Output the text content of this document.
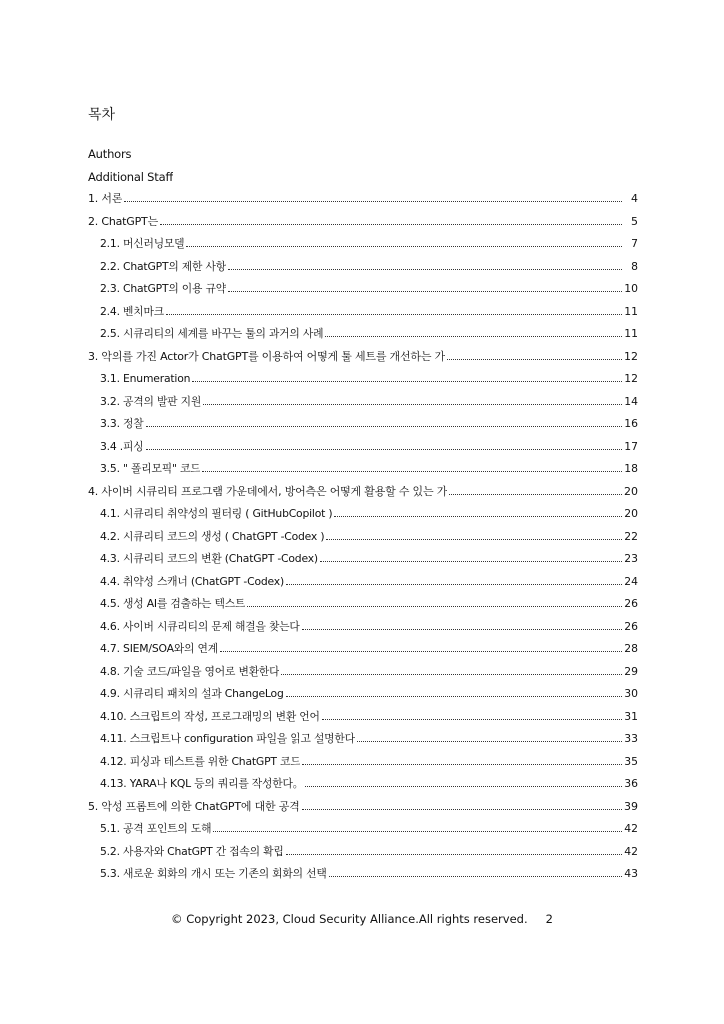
목차
Authors
Additional Staff
1. 서론	4
2. ChatGPT는	5
2.1. 머신러닝모델	7
2.2. ChatGPT의 제한 사항	8
2.3. ChatGPT의 이용 규약	10
2.4. 벤치마크	11
2.5. 시큐리티의 세계를 바꾸는 툴의 과거의 사례	11
3. 악의를 가진 Actor가 ChatGPT를 이용하여 어떻게 툴 세트를 개선하는 가	12
3.1. Enumeration	12
3.2. 공격의 발판 지원	14
3.3. 정찰	16
3.4 .피싱	17
3.5. " 폴리모픽" 코드	18
4. 사이버 시큐리티 프로그램 가운데에서, 방어측은 어떻게 활용할 수 있는 가	20
4.1. 시큐리티 취약성의 필터링 ( GitHubCopilot )	20
4.2. 시큐리티 코드의 생성 ( ChatGPT -Codex )	22
4.3. 시큐리티 코드의 변환 (ChatGPT -Codex)	23
4.4. 취약성 스캐너 (ChatGPT -Codex)	24
4.5. 생성 AI를 검출하는 텍스트	26
4.6. 사이버 시큐리티의 문제 해결을 찾는다	26
4.7. SIEM/SOA와의 연계	28
4.8. 기술 코드/파일을 영어로 변환한다	29
4.9. 시큐리티 패치의 설과 ChangeLog	30
4.10. 스크립트의 작성, 프로그래밍의 변환 언어	31
4.11. 스크립트나 configuration 파일을 읽고 설명한다	33
4.12. 피싱과 테스트를 위한 ChatGPT 코드	35
4.13. YARA나 KQL 등의 쿼리를 작성한다。	36
5. 악성 프롬트에 의한 ChatGPT에 대한 공격	39
5.1. 공격 포인트의 도해	42
5.2. 사용자와 ChatGPT 간 접속의 확립	42
5.3. 새로운 회화의 개시 또는 기존의 회화의 선택	43
© Copyright 2023, Cloud Security Alliance.All rights reserved. 2
